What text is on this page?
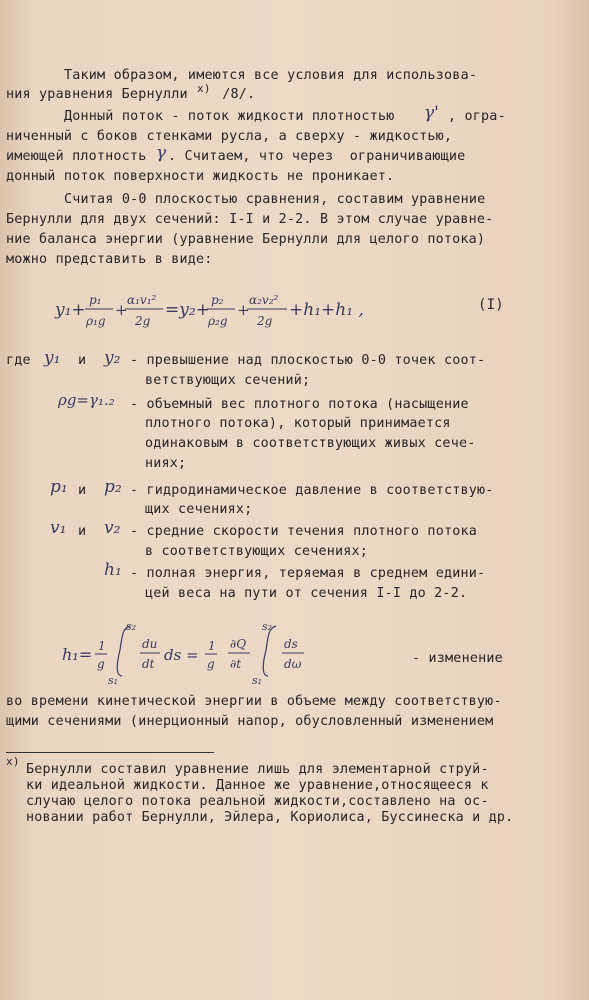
Таким образом, имеются все условия для использова-
ния уравнения Бернулли х) /8/.
Донный поток - поток жидкости плотностью γ' , огра-
ниченный с боков стенками русла, а сверху - жидкостью,
имеющей плотность γ . Считаем, что через  ограничивающие
донный поток поверхности жидкость не проникает.
Считая 0-0 плоскостью сравнения, составим уравнение
Бернулли для двух сечений: I-I и 2-2. В этом случае уравне-
ние баланса энергии (уравнение Бернулли для целого потока)
можно представить в виде:
y₁+ p₁
ρ₁g
+
α₁v₁²
2g
=y₂+ p₂
ρ₂g
+
α₂v₂²
2g
+h₁+h₁ ,	(I)
где y₁ и y₂ - превышение над плоскостью 0-0 точек соот-
ветствующих сечений;
ρg=γ₁.₂ - объемный вес плотного потока (насыщение
плотного потока), который принимается
одинаковым в соответствующих живых сече-
ниях;
p₁ и p₂ - гидродинамическое давление в соответствую-
щих сечениях;
v₁ и v₂ - средние скорости течения плотного потока
в соответствующих сечениях;
h₁ - полная энергия, теряемая в среднем едини-
цей веса на пути от сечения I-I до 2-2.
h₁= 1
g
s₂
s₁
du
dt ds = 1
g
∂Q
∂t
s₂
s₁
ds
dω	- изменение
во времени кинетической энергии в объеме между соответствую-
щими сечениями (инерционный напор, обусловленный изменением
х)
Бернулли составил уравнение лишь для элементарной струй-
ки идеальной жидкости. Данное же уравнение,относящееся к
случаю целого потока реальной жидкости,составлено на ос-
новании работ Бернулли, Эйлера, Кориолиса, Буссинеска и др.
